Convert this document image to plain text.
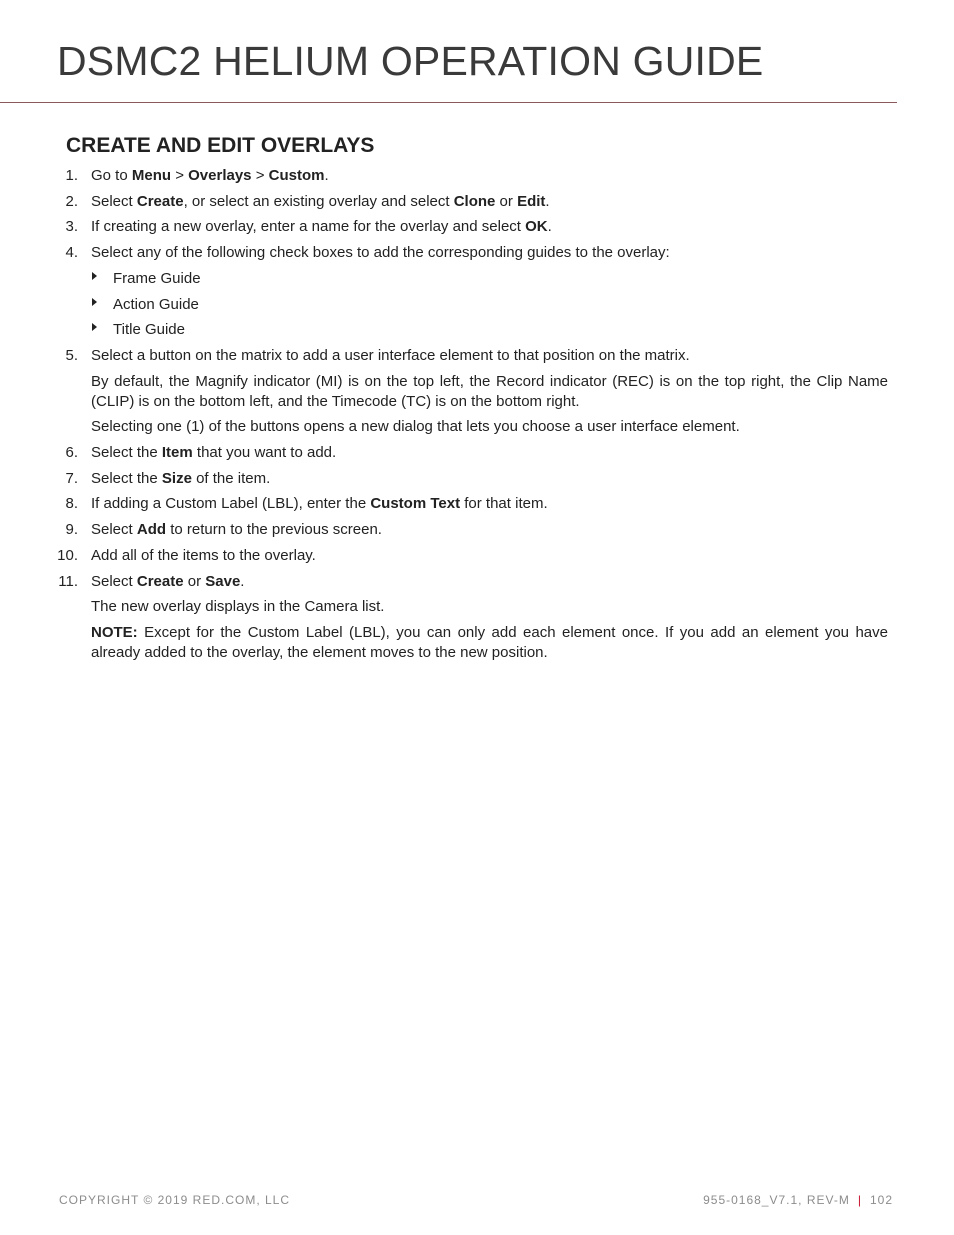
DSMC2 HELIUM OPERATION GUIDE
CREATE AND EDIT OVERLAYS
1. Go to Menu > Overlays > Custom.
2. Select Create, or select an existing overlay and select Clone or Edit.
3. If creating a new overlay, enter a name for the overlay and select OK.
4. Select any of the following check boxes to add the corresponding guides to the overlay:
Frame Guide
Action Guide
Title Guide
5. Select a button on the matrix to add a user interface element to that position on the matrix.
By default, the Magnify indicator (MI) is on the top left, the Record indicator (REC) is on the top right, the Clip Name (CLIP) is on the bottom left, and the Timecode (TC) is on the bottom right.
Selecting one (1) of the buttons opens a new dialog that lets you choose a user interface element.
6. Select the Item that you want to add.
7. Select the Size of the item.
8. If adding a Custom Label (LBL), enter the Custom Text for that item.
9. Select Add to return to the previous screen.
10. Add all of the items to the overlay.
11. Select Create or Save.
The new overlay displays in the Camera list.
NOTE: Except for the Custom Label (LBL), you can only add each element once. If you add an element you have already added to the overlay, the element moves to the new position.
COPYRIGHT © 2019 RED.COM, LLC	955-0168_V7.1, REV-M | 102
